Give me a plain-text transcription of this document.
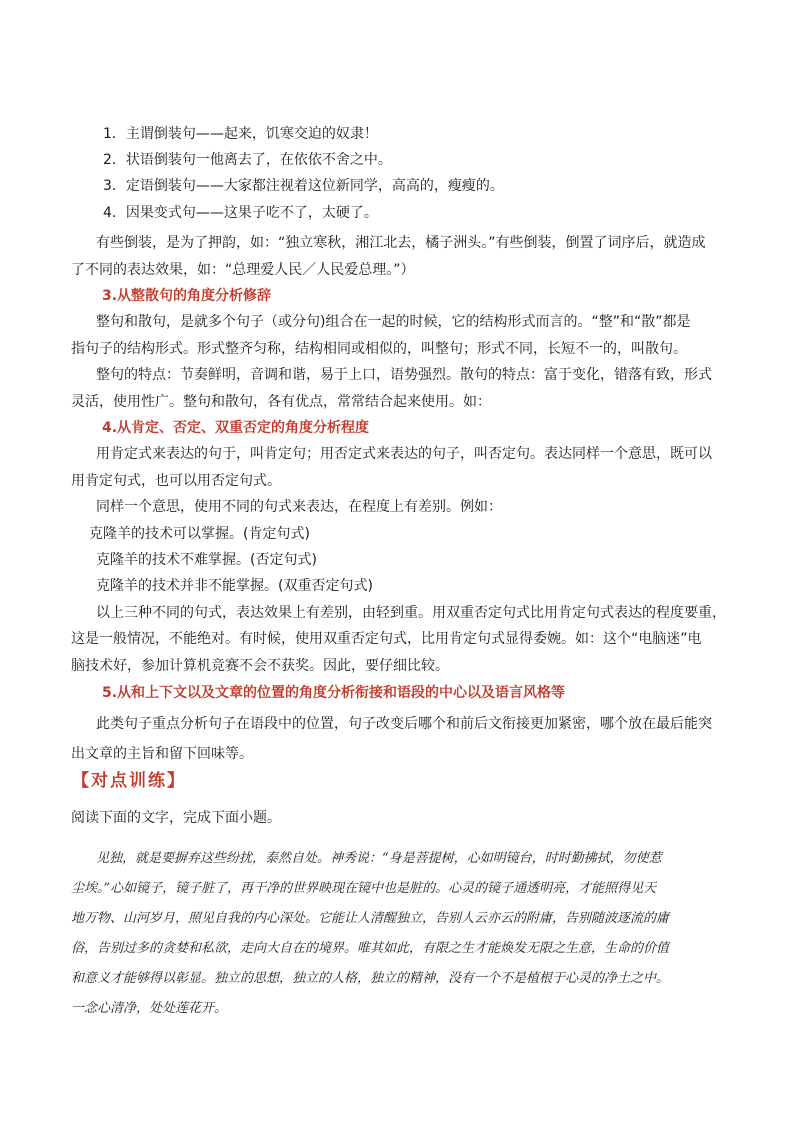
1．主谓倒装句——起来，饥寒交迫的奴隶！
2．状语倒装句一他离去了，在依依不舍之中。
3．定语倒装句——大家都注视着这位新同学，高高的，瘦瘦的。
4．因果变式句——这果子吃不了，太硬了。
有些倒装，是为了押韵，如：“独立寒秋，湘江北去，橘子洲头。”有些倒装，倒置了词序后，就造成
了不同的表达效果，如：“总理爱人民／人民爱总理。”）
3.从整散句的角度分析修辞
整句和散句，是就多个句子（或分句)组合在一起的时候，它的结构形式而言的。“整”和“散”都是
指句子的结构形式。形式整齐匀称，结构相同或相似的，叫整句；形式不同，长短不一的，叫散句。
整句的特点：节奏鲜明，音调和谐，易于上口，语势强烈。散句的特点：富于变化，错落有致，形式
灵活，使用性广。整句和散句，各有优点，常常结合起来使用。如：
4.从肯定、否定、双重否定的角度分析程度
用肯定式来表达的句于，叫肯定句；用否定式来表达的句子，叫否定句。表达同样一个意思，既可以
用肯定句式，也可以用否定句式。
同样一个意思，使用不同的句式来表达，在程度上有差别。例如：
克隆羊的技术可以掌握。(肯定句式)
克隆羊的技术不难掌握。(否定句式)
克隆羊的技术并非不能掌握。(双重否定句式)
以上三种不同的句式，表达效果上有差别，由轻到重。用双重否定句式比用肯定句式表达的程度要重，
这是一般情况，不能绝对。有时候，使用双重否定句式，比用肯定句式显得委婉。如：这个“电脑迷”电
脑技术好，参加计算机竞赛不会不获奖。因此，要仔细比较。
5.从和上下文以及文章的位置的角度分析衔接和语段的中心以及语言风格等
此类句子重点分析句子在语段中的位置，句子改变后哪个和前后文衔接更加紧密，哪个放在最后能突
出文章的主旨和留下回味等。
【对点训练】
阅读下面的文字，完成下面小题。
见独，就是要摒弃这些纷扰，泰然自处。神秀说：“身是菩提树，心如明镜台，时时勤拂拭，勿使惹
尘埃。”心如镜子，镜子脏了，再干净的世界映现在镜中也是脏的。心灵的镜子通透明亮，才能照得见天
地万物、山河岁月，照见自我的内心深处。它能让人清醒独立，告别人云亦云的附庸，告别随波逐流的庸
俗，告别过多的贪婪和私欲，走向大自在的境界。唯其如此，有限之生才能焕发无限之生意，生命的价值
和意义才能够得以彰显。独立的思想，独立的人格，独立的精神，没有一个不是植根于心灵的净土之中。
一念心清净，处处莲花开。
